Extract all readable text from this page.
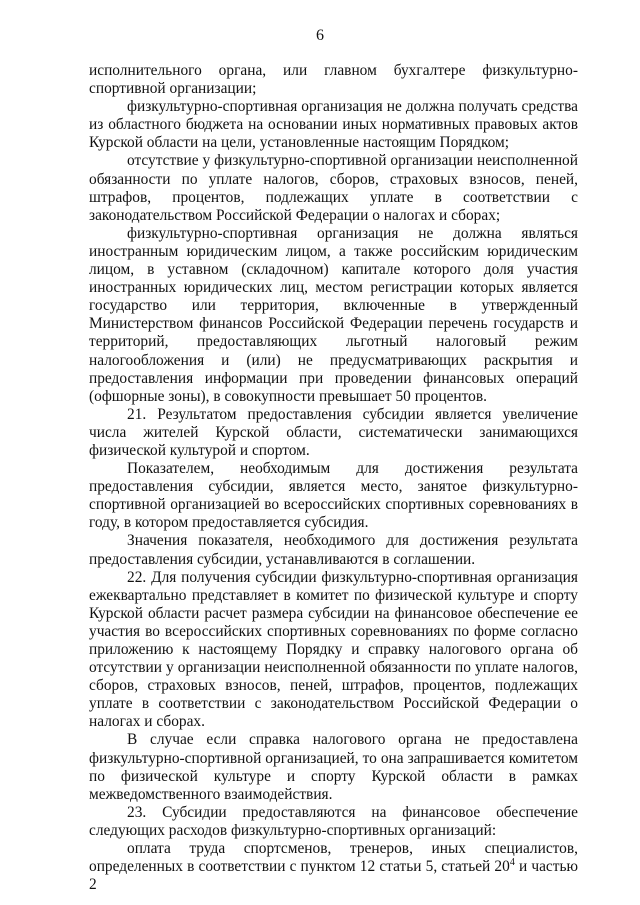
6

исполнительного органа, или главном бухгалтере физкультурно-спортивной организации;

физкультурно-спортивная организация не должна получать средства из областного бюджета на основании иных нормативных правовых актов Курской области на цели, установленные настоящим Порядком;

отсутствие у физкультурно-спортивной организации неисполненной обязанности по уплате налогов, сборов, страховых взносов, пеней, штрафов, процентов, подлежащих уплате в соответствии с законодательством Российской Федерации о налогах и сборах;

физкультурно-спортивная организация не должна являться иностранным юридическим лицом, а также российским юридическим лицом, в уставном (складочном) капитале которого доля участия иностранных юридических лиц, местом регистрации которых является государство или территория, включенные в утвержденный Министерством финансов Российской Федерации перечень государств и территорий, предоставляющих льготный налоговый режим налогообложения и (или) не предусматривающих раскрытия и предоставления информации при проведении финансовых операций (офшорные зоны), в совокупности превышает 50 процентов.

21. Результатом предоставления субсидии является увеличение числа жителей Курской области, систематически занимающихся физической культурой и спортом.

Показателем, необходимым для достижения результата предоставления субсидии, является место, занятое физкультурно-спортивной организацией во всероссийских спортивных соревнованиях в году, в котором предоставляется субсидия.

Значения показателя, необходимого для достижения результата предоставления субсидии, устанавливаются в соглашении.

22. Для получения субсидии физкультурно-спортивная организация ежеквартально представляет в комитет по физической культуре и спорту Курской области расчет размера субсидии на финансовое обеспечение ее участия во всероссийских спортивных соревнованиях по форме согласно приложению к настоящему Порядку и справку налогового органа об отсутствии у организации неисполненной обязанности по уплате налогов, сборов, страховых взносов, пеней, штрафов, процентов, подлежащих уплате в соответствии с законодательством Российской Федерации о налогах и сборах.

В случае если справка налогового органа не предоставлена физкультурно-спортивной организацией, то она запрашивается комитетом по физической культуре и спорту Курской области в рамках межведомственного взаимодействия.

23. Субсидии предоставляются на финансовое обеспечение следующих расходов физкультурно-спортивных организаций:

оплата труда спортсменов, тренеров, иных специалистов, определенных в соответствии с пунктом 12 статьи 5, статьей $20^4$ и частью 2
